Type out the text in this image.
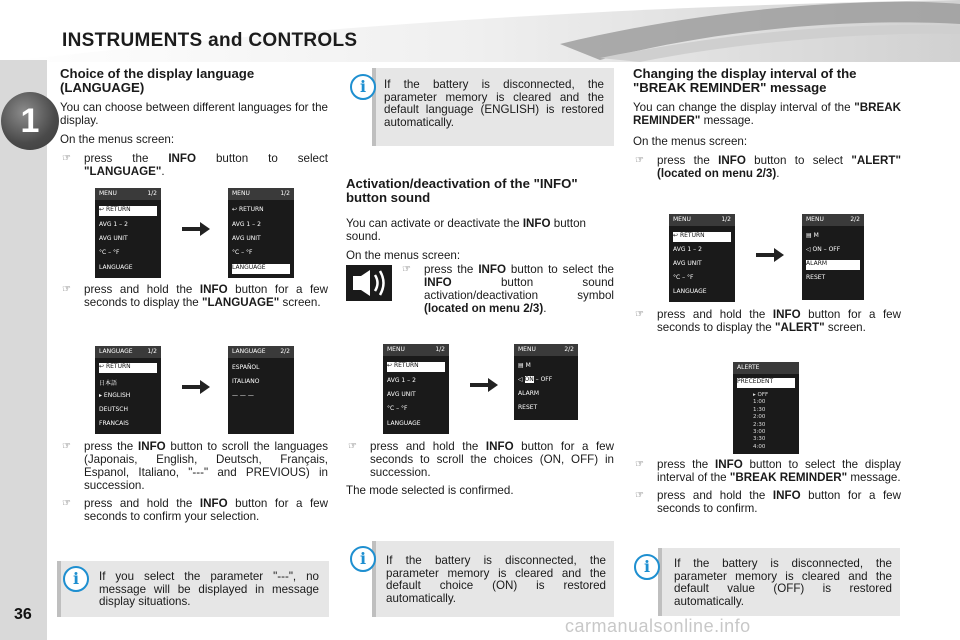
INSTRUMENTS and CONTROLS
1
36
Choice of the display language (LANGUAGE)

You can choose between different languages for the display.

On the menus screen:

☞ press the INFO button to select "LANGUAGE".
☞ press and hold the INFO button for a few seconds to display the "LANGUAGE" screen.
☞ press the INFO button to scroll the languages (Japonais, English, Deutsch, Français, Espanol, Italiano, "---" and PREVIOUS) in succession.
☞ press and hold the INFO button for a few seconds to confirm your selection.
i	If you select the parameter "---", no message will be displayed in message display situations.
MENU	1/2
↩ RETURN
AVG 1 – 2
AVG UNIT
°C – °F
LANGUAGE
MENU	1/2
↩ RETURN
AVG 1 – 2
AVG UNIT
°C – °F
LANGUAGE
LANGUAGE 1/2
↩ RETURN
日本語
▸ ENGLISH
DEUTSCH
FRANCAIS
LANGUAGE 2/2
ESPAÑOL
ITALIANO
— — —
i	If the battery is disconnected, the parameter memory is cleared and the default language (ENGLISH) is restored automatically.
Activation/deactivation of the "INFO" button sound

You can activate or deactivate the INFO button sound.

On the menus screen:

☞ press the INFO button to select the INFO button sound activation/deactivation symbol (located on menu 2/3).
MENU	1/2
↩ RETURN
AVG 1 – 2
AVG UNIT
°C – °F
LANGUAGE
MENU	2/2
▤ M
◁ ON – OFF
ALARM
RESET
☞ press and hold the INFO button for a few seconds to scroll the choices (ON, OFF) in succession.

The mode selected is confirmed.

i	If the battery is disconnected, the parameter memory is cleared and the default choice (ON) is restored automatically.
Changing the display interval of the "BREAK REMINDER" message

You can change the display interval of the "BREAK REMINDER" message.

On the menus screen:

☞ press the INFO button to select "ALERT" (located on menu 2/3).
MENU	1/2
↩ RETURN
AVG 1 – 2
AVG UNIT
°C – °F
LANGUAGE
MENU	2/2
▤ M
◁ ON – OFF
ALARM
RESET
☞ press and hold the INFO button for a few seconds to display the "ALERT" screen.
ALERTE
PRECEDENT
▸ OFF
1:00
1:30
2:00
2:30
3:00
3:30
4:00
☞ press the INFO button to select the display interval of the "BREAK REMINDER" message.
☞ press and hold the INFO button for a few seconds to confirm.
i	If the battery is disconnected, the parameter memory is cleared and the default value (OFF) is restored automatically.
carmanualsonline.info
